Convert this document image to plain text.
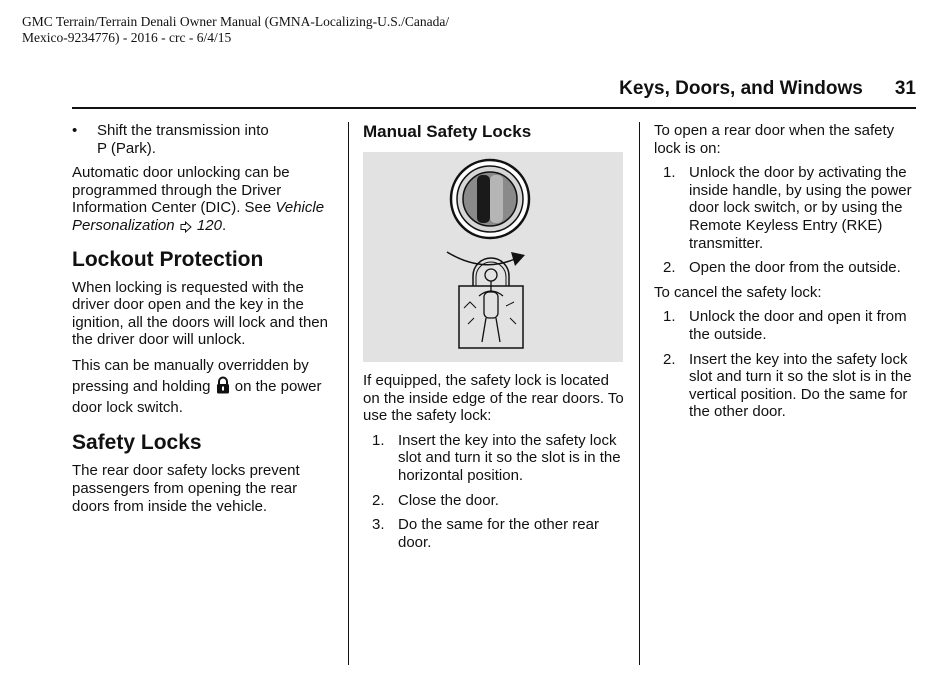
GMC Terrain/Terrain Denali Owner Manual (GMNA-Localizing-U.S./Canada/
Mexico-9234776) - 2016 - crc - 6/4/15
Keys, Doors, and Windows 31
• Shift the transmission into
P (Park).

Automatic door unlocking can be programmed through the Driver Information Center (DIC). See Vehicle Personalization 120.

Lockout Protection

When locking is requested with the driver door open and the key in the ignition, all the doors will lock and then the driver door will unlock.

This can be manually overridden by pressing and holding on the power door lock switch.

Safety Locks

The rear door safety locks prevent passengers from opening the rear doors from inside the vehicle.

Manual Safety Locks

If equipped, the safety lock is located on the inside edge of the rear doors. To use the safety lock:

1. Insert the key into the safety lock slot and turn it so the slot is in the horizontal position.
2. Close the door.
3. Do the same for the other rear door.

To open a rear door when the safety lock is on:

1. Unlock the door by activating the inside handle, by using the power door lock switch, or by using the Remote Keyless Entry (RKE) transmitter.
2. Open the door from the outside.

To cancel the safety lock:

1. Unlock the door and open it from the outside.
2. Insert the key into the safety lock slot and turn it so the slot is in the vertical position. Do the same for the other door.
